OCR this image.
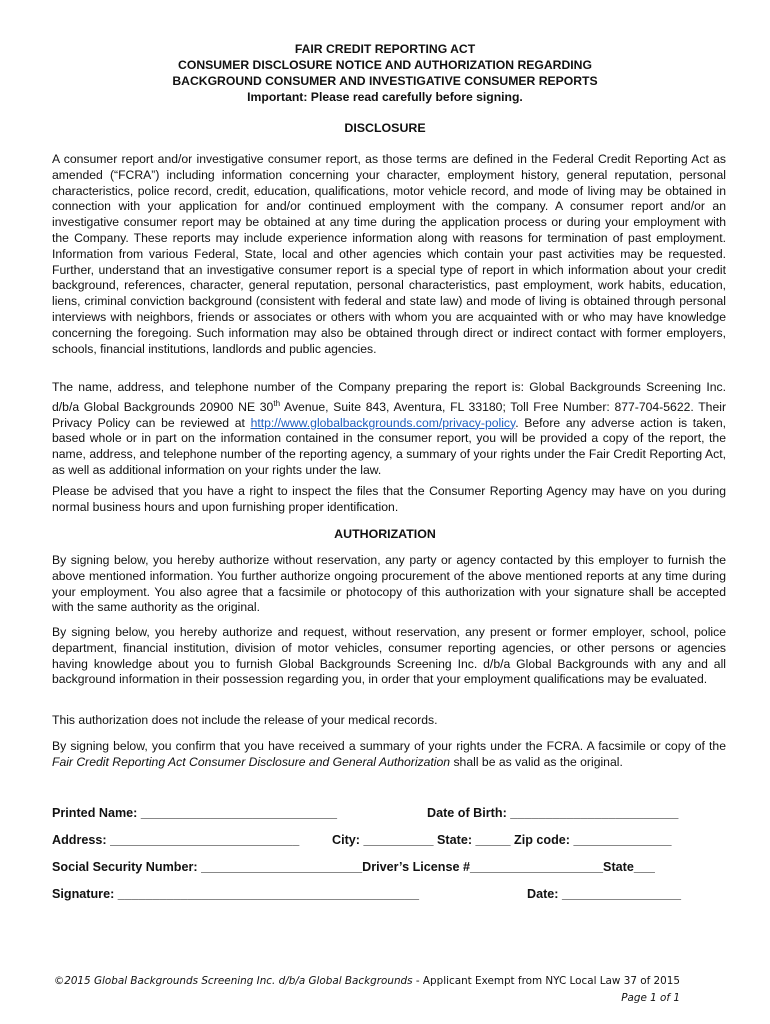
FAIR CREDIT REPORTING ACT
CONSUMER DISCLOSURE NOTICE AND AUTHORIZATION REGARDING
BACKGROUND CONSUMER AND INVESTIGATIVE CONSUMER REPORTS
Important: Please read carefully before signing.
DISCLOSURE

A consumer report and/or investigative consumer report, as those terms are defined in the Federal Credit Reporting Act as amended (“FCRA”) including information concerning your character, employment history, general reputation, personal characteristics, police record, credit, education, qualifications, motor vehicle record, and mode of living may be obtained in connection with your application for and/or continued employment with the company. A consumer report and/or an investigative consumer report may be obtained at any time during the application process or during your employment with the Company. These reports may include experience information along with reasons for termination of past employment. Information from various Federal, State, local and other agencies which contain your past activities may be requested. Further, understand that an investigative consumer report is a special type of report in which information about your credit background, references, character, general reputation, personal characteristics, past employment, work habits, education, liens, criminal conviction background (consistent with federal and state law) and mode of living is obtained through personal interviews with neighbors, friends or associates or others with whom you are acquainted with or who may have knowledge concerning the foregoing. Such information may also be obtained through direct or indirect contact with former employers, schools, financial institutions, landlords and public agencies.

The name, address, and telephone number of the Company preparing the report is: Global Backgrounds Screening Inc. d/b/a Global Backgrounds 20900 NE 30th Avenue, Suite 843, Aventura, FL 33180; Toll Free Number: 877-704-5622. Their Privacy Policy can be reviewed at http://www.globalbackgrounds.com/privacy-policy. Before any adverse action is taken, based whole or in part on the information contained in the consumer report, you will be provided a copy of the report, the name, address, and telephone number of the reporting agency, a summary of your rights under the Fair Credit Reporting Act, as well as additional information on your rights under the law.

Please be advised that you have a right to inspect the files that the Consumer Reporting Agency may have on you during normal business hours and upon furnishing proper identification.

AUTHORIZATION

By signing below, you hereby authorize without reservation, any party or agency contacted by this employer to furnish the above mentioned information. You further authorize ongoing procurement of the above mentioned reports at any time during your employment. You also agree that a facsimile or photocopy of this authorization with your signature shall be accepted with the same authority as the original.

By signing below, you hereby authorize and request, without reservation, any present or former employer, school, police department, financial institution, division of motor vehicles, consumer reporting agencies, or other persons or agencies having knowledge about you to furnish Global Backgrounds Screening Inc. d/b/a Global Backgrounds with any and all background information in their possession regarding you, in order that your employment qualifications may be evaluated.

This authorization does not include the release of your medical records.

By signing below, you confirm that you have received a summary of your rights under the FCRA. A facsimile or copy of the Fair Credit Reporting Act Consumer Disclosure and General Authorization shall be as valid as the original.

Printed Name: ____________________________	Date of Birth: ________________________
Address: ___________________________	City: __________ State: _____ Zip code: ______________
Social Security Number: _______________________Driver’s License #___________________State___
Signature: ___________________________________________	Date: _________________
©2015 Global Backgrounds Screening Inc. d/b/a Global Backgrounds - Applicant Exempt from NYC Local Law 37 of 2015
Page 1 of 1
